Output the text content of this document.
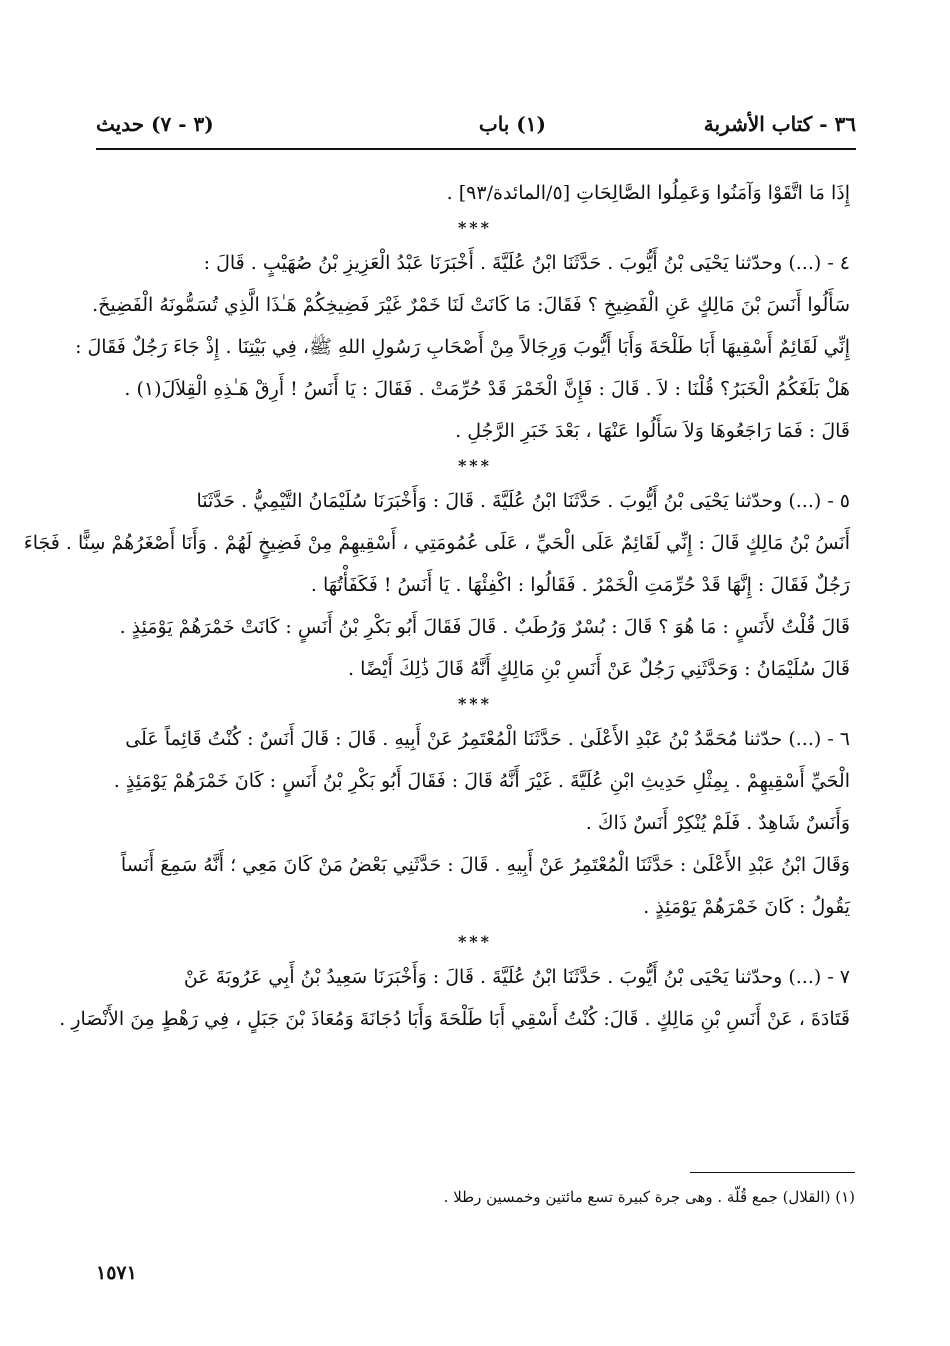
٣٦ - كتاب الأشربة
(١) باب
(٣ - ٧) حديث
إِذَا مَا اتَّقَوْا وَآمَنُوا وَعَمِلُوا الصَّالِحَاتِ [٥/المائدة/٩٣] .
***
٤ - (...) وحدّثنا يَحْيَى بْنُ أَيُّوبَ . حَدَّثَنَا ابْنُ عُلَيَّةَ . أَخْبَرَنَا عَبْدُ الْعَزِيزِ بْنُ صُهَيْبٍ . قَالَ :
سَأَلُوا أَنَسَ بْنَ مَالِكٍ عَنِ الْفَضِيخِ ؟ فَقَالَ: مَا كَانَتْ لَنَا خَمْرٌ غَيْرَ فَضِيخِكُمْ هَـٰذَا الَّذِي تُسَمُّونَهُ الْفَضِيخَ.
إِنِّي لَقَائِمٌ أَسْقِيهَا أَبَا طَلْحَةَ وَأَبَا أَيُّوبَ وَرِجَالاً مِنْ أَصْحَابِ رَسُولِ اللهِ ﷺ، فِي بَيْتِنَا . إِذْ جَاءَ رَجُلٌ فَقَالَ :
هَلْ بَلَغَكُمُ الْخَبَرُ؟ قُلْنَا : لاَ . قَالَ : فَإِنَّ الْخَمْرَ قَدْ حُرِّمَتْ . فَقَالَ : يَا أَنَسُ ! أَرِقْ هَـٰذِهِ الْقِلاَلَ(١) .
قَالَ : فَمَا رَاجَعُوهَا وَلاَ سَأَلُوا عَنْهَا ، بَعْدَ خَبَرِ الرَّجُلِ .
***
٥ - (...) وحدّثنا يَحْيَى بْنُ أَيُّوبَ . حَدَّثَنَا ابْنُ عُلَيَّةَ . قَالَ : وَأَخْبَرَنَا سُلَيْمَانُ التَّيْمِيُّ . حَدَّثَنَا
أَنَسُ بْنُ مَالِكٍ قَالَ : إِنِّي لَقَائِمٌ عَلَى الْحَيِّ ، عَلَى عُمُومَتِي ، أَسْقِيهِمْ مِنْ فَضِيخٍ لَهُمْ . وَأَنَا أَصْغَرُهُمْ سِنًّا . فَجَاءَ
رَجُلٌ فَقَالَ : إِنَّهَا قَدْ حُرِّمَتِ الْخَمْرُ . فَقَالُوا : اكْفِئْهَا . يَا أَنَسُ ! فَكَفَأْتُهَا .
قَالَ قُلْتُ لأَنَسٍ : مَا هُوَ ؟ قَالَ : بُسْرٌ وَرُطَبٌ . قَالَ فَقَالَ أَبُو بَكْرِ بْنُ أَنَسٍ : كَانَتْ خَمْرَهُمْ يَوْمَئِذٍ .
قَالَ سُلَيْمَانُ : وَحَدَّثَنِي رَجُلٌ عَنْ أَنَسِ بْنِ مَالِكٍ أَنَّهُ قَالَ ذَٰلِكَ أَيْضًا .
***
٦ - (...) حدّثنا مُحَمَّدُ بْنُ عَبْدِ الأَعْلَىٰ . حَدَّثَنَا الْمُعْتَمِرُ عَنْ أَبِيهِ . قَالَ : قَالَ أَنَسٌ : كُنْتُ قَائِماً عَلَى
الْحَيِّ أَسْقِيهِمْ . بِمِثْلِ حَدِيثِ ابْنِ عُلَيَّةَ . غَيْرَ أَنَّهُ قَالَ : فَقَالَ أَبُو بَكْرِ بْنُ أَنَسٍ : كَانَ خَمْرَهُمْ يَوْمَئِذٍ .
وَأَنَسٌ شَاهِدٌ . فَلَمْ يُنْكِرْ أَنَسٌ ذَاكَ .
وَقَالَ ابْنُ عَبْدِ الأَعْلَىٰ : حَدَّثَنَا الْمُعْتَمِرُ عَنْ أَبِيهِ . قَالَ : حَدَّثَنِي بَعْضُ مَنْ كَانَ مَعِي ؛ أَنَّهُ سَمِعَ أَنَساً
يَقُولُ : كَانَ خَمْرَهُمْ يَوْمَئِذٍ .
***
٧ - (...) وحدّثنا يَحْيَى بْنُ أَيُّوبَ . حَدَّثَنَا ابْنُ عُلَيَّةَ . قَالَ : وَأَخْبَرَنَا سَعِيدُ بْنُ أَبِي عَرُوبَةَ عَنْ
قَتَادَةَ ، عَنْ أَنَسِ بْنِ مَالِكٍ . قَالَ: كُنْتُ أَسْقِي أَبَا طَلْحَةَ وَأَبَا دُجَانَةَ وَمُعَاذَ بْنَ جَبَلٍ ، فِي رَهْطٍ مِنَ الأَنْصَارِ .
(١) (القلال) جمع قُلّة . وهى جرة كبيرة تسع مائتين وخمسين رطلا .
١٥٧١
